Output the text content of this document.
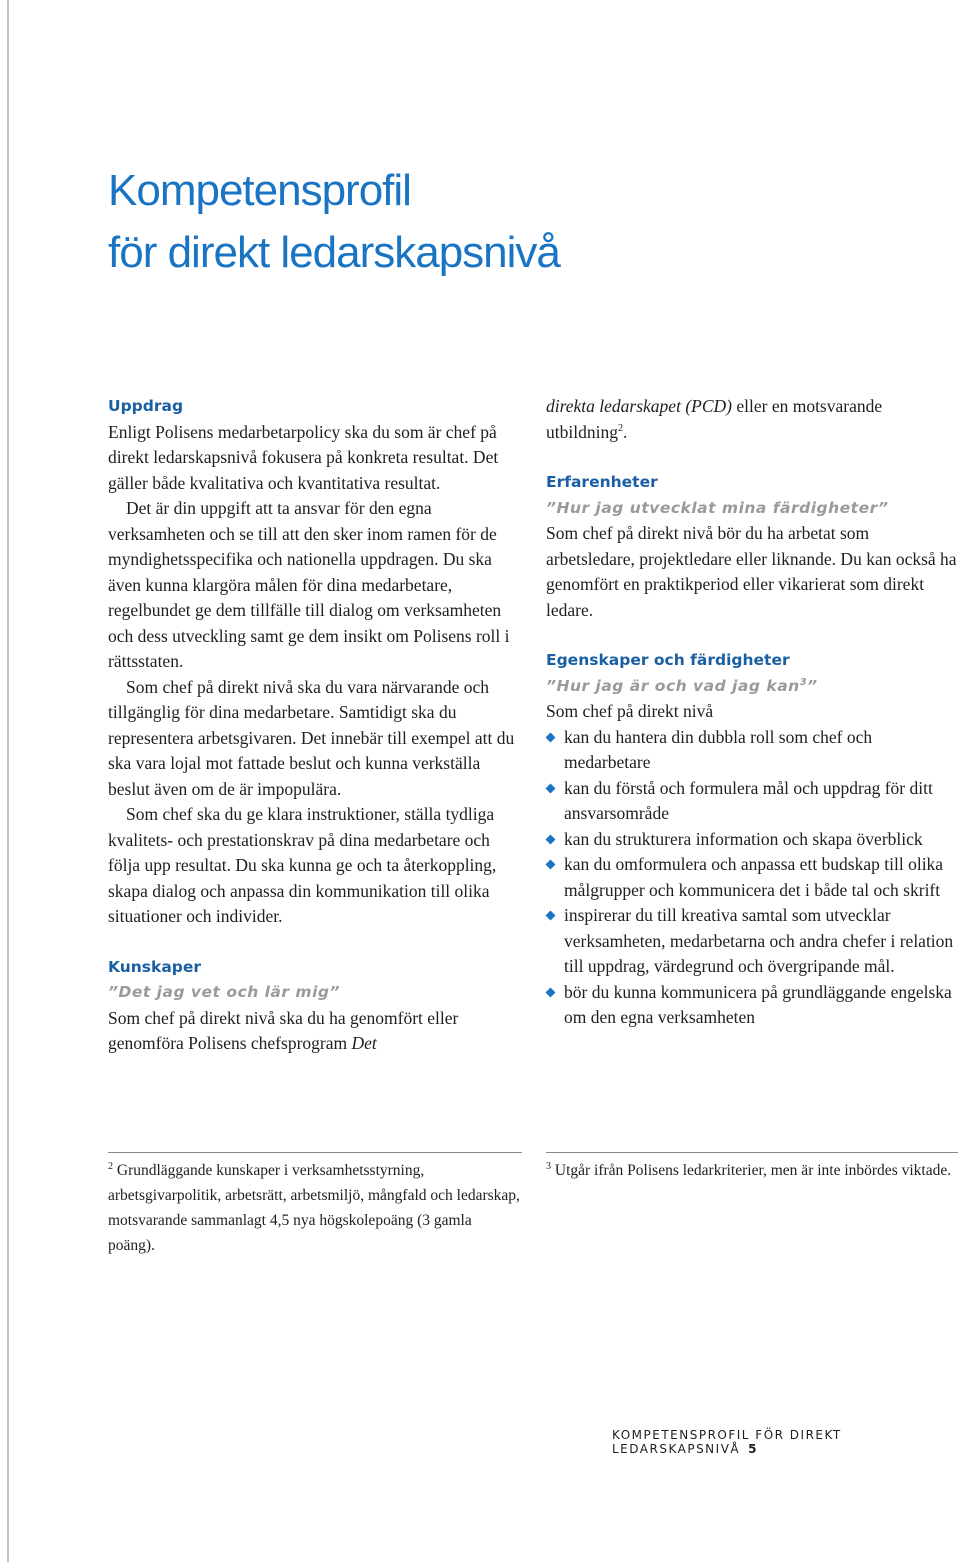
Kompetensprofil
för direkt ledarskapsnivå
Uppdrag

Enligt Polisens medarbetarpolicy ska du som är chef på direkt ledarskapsnivå fokusera på konkreta resultat. Det gäller både kvalitativa och kvantitativa resultat.

Det är din uppgift att ta ansvar för den egna verksamheten och se till att den sker inom ramen för de myndighetsspecifika och nationella uppdragen. Du ska även kunna klargöra målen för dina medarbetare, regelbundet ge dem tillfälle till dialog om verksamheten och dess utveckling samt ge dem insikt om Polisens roll i rättsstaten.

Som chef på direkt nivå ska du vara närvarande och tillgänglig för dina medarbetare. Samtidigt ska du representera arbetsgivaren. Det innebär till exempel att du ska vara lojal mot fattade beslut och kunna verkställa beslut även om de är impopulära.

Som chef ska du ge klara instruktioner, ställa tydliga kvalitets- och prestationskrav på dina medarbetare och följa upp resultat. Du ska kunna ge och ta återkoppling, skapa dialog och anpassa din kommunikation till olika situationer och individer.

Kunskaper

”Det jag vet och lär mig”

Som chef på direkt nivå ska du ha genomfört eller genomföra Polisens chefsprogram Det

direkta ledarskapet (PCD) eller en motsvarande utbildning$^2$.

Erfarenheter

”Hur jag utvecklat mina färdigheter”

Som chef på direkt nivå bör du ha arbetat som arbetsledare, projektledare eller liknande. Du kan också ha genomfört en praktikperiod eller vikarierat som direkt ledare.

Egenskaper och färdigheter

”Hur jag är och vad jag kan$^3$”

Som chef på direkt nivå

kan du hantera din dubbla roll som chef och medarbetare
kan du förstå och formulera mål och uppdrag för ditt ansvarsområde
kan du strukturera information och skapa överblick
kan du omformulera och anpassa ett budskap till olika målgrupper och kommunicera det i både tal och skrift
inspirerar du till kreativa samtal som utvecklar verksamheten, medarbetarna och andra chefer i relation till uppdrag, värdegrund och övergripande mål.
bör du kunna kommunicera på grundläggande engelska om den egna verksamheten
$^2$ Grundläggande kunskaper i verksamhetsstyrning, arbetsgivarpolitik, arbetsrätt, arbetsmiljö, mångfald och ledarskap, motsvarande sammanlagt 4,5 nya högskolepoäng (3 gamla poäng).
$^3$ Utgår ifrån Polisens ledarkriterier, men är inte inbördes viktade.
KOMPETENSPROFIL FÖR DIREKT LEDARSKAPSNIVÅ 5
